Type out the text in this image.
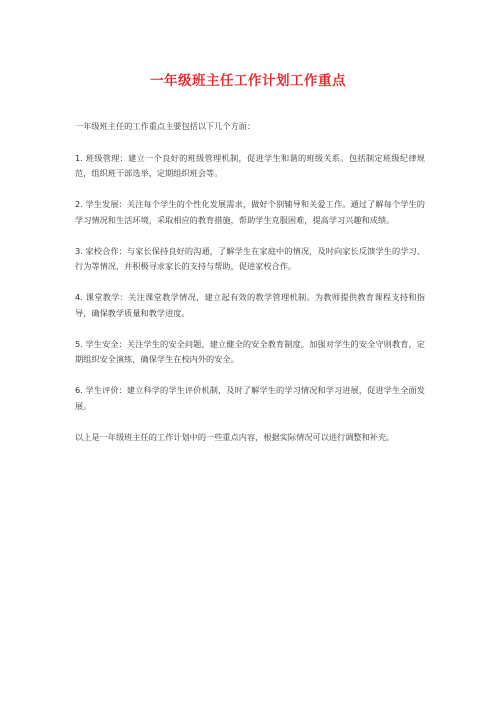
一年级班主任工作计划工作重点

一年级班主任的工作重点主要包括以下几个方面：

1. 班级管理：建立一个良好的班级管理机制，促进学生和谐的班级关系。包括制定班级纪律规范，组织班干部选举，定期组织班会等。

2. 学生发展：关注每个学生的个性化发展需求，做好个别辅导和关爱工作。通过了解每个学生的学习情况和生活环境，采取相应的教育措施，帮助学生克服困难，提高学习兴趣和成绩。

3. 家校合作：与家长保持良好的沟通，了解学生在家庭中的情况，及时向家长反馈学生的学习、行为等情况，并积极寻求家长的支持与帮助，促进家校合作。

4. 课堂教学：关注课堂教学情况，建立起有效的教学管理机制。为教师提供教育课程支持和指导，确保教学质量和教学进度。

5. 学生安全：关注学生的安全问题，建立健全的安全教育制度。加强对学生的安全守则教育，定期组织安全演练，确保学生在校内外的安全。

6. 学生评价：建立科学的学生评价机制，及时了解学生的学习情况和学习进展，促进学生全面发展。

以上是一年级班主任的工作计划中的一些重点内容，根据实际情况可以进行调整和补充。
